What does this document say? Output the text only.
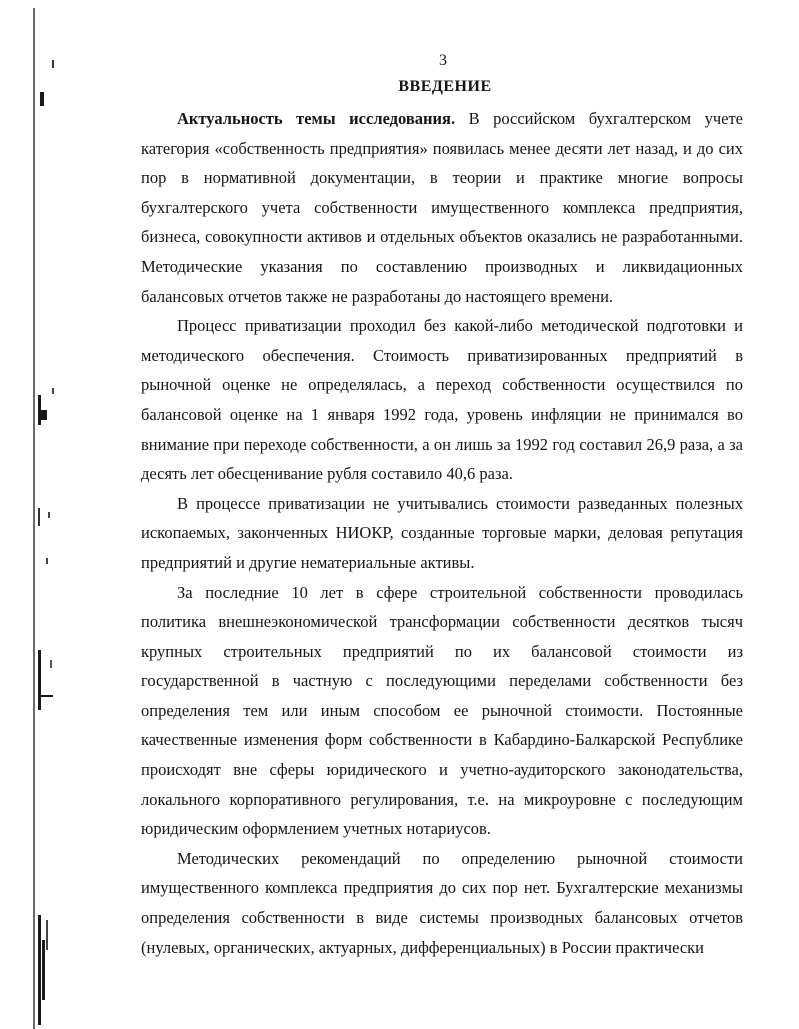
3
ВВЕДЕНИЕ

Актуальность темы исследования. В российском бухгалтерском учете категория «собственность предприятия» появилась менее десяти лет назад, и до сих пор в нормативной документации, в теории и практике многие вопросы бухгалтерского учета собственности имущественного комплекса предприятия, бизнеса, совокупности активов и отдельных объектов оказались не разработанными. Методические указания по составлению производных и ликвидационных балансовых отчетов также не разработаны до настоящего времени.

Процесс приватизации проходил без какой-либо методической подготовки и методического обеспечения. Стоимость приватизированных предприятий в рыночной оценке не определялась, а переход собственности осуществился по балансовой оценке на 1 января 1992 года, уровень инфляции не принимался во внимание при переходе собственности, а он лишь за 1992 год составил 26,9 раза, а за десять лет обесценивание рубля составило 40,6 раза.

В процессе приватизации не учитывались стоимости разведанных полезных ископаемых, законченных НИОКР, созданные торговые марки, деловая репутация предприятий и другие нематериальные активы.

За последние 10 лет в сфере строительной собственности проводилась политика внешнеэкономической трансформации собственности десятков тысяч крупных строительных предприятий по их балансовой стоимости из государственной в частную с последующими переделами собственности без определения тем или иным способом ее рыночной стоимости. Постоянные качественные изменения форм собственности в Кабардино-Балкарской Республике происходят вне сферы юридического и учетно-аудиторского законодательства, локального корпоративного регулирования, т.е. на микроуровне с последующим юридическим оформлением учетных нотариусов.

Методических рекомендаций по определению рыночной стоимости имущественного комплекса предприятия до сих пор нет. Бухгалтерские механизмы определения собственности в виде системы производных балансовых отчетов (нулевых, органических, актуарных, дифференциальных) в России практически
